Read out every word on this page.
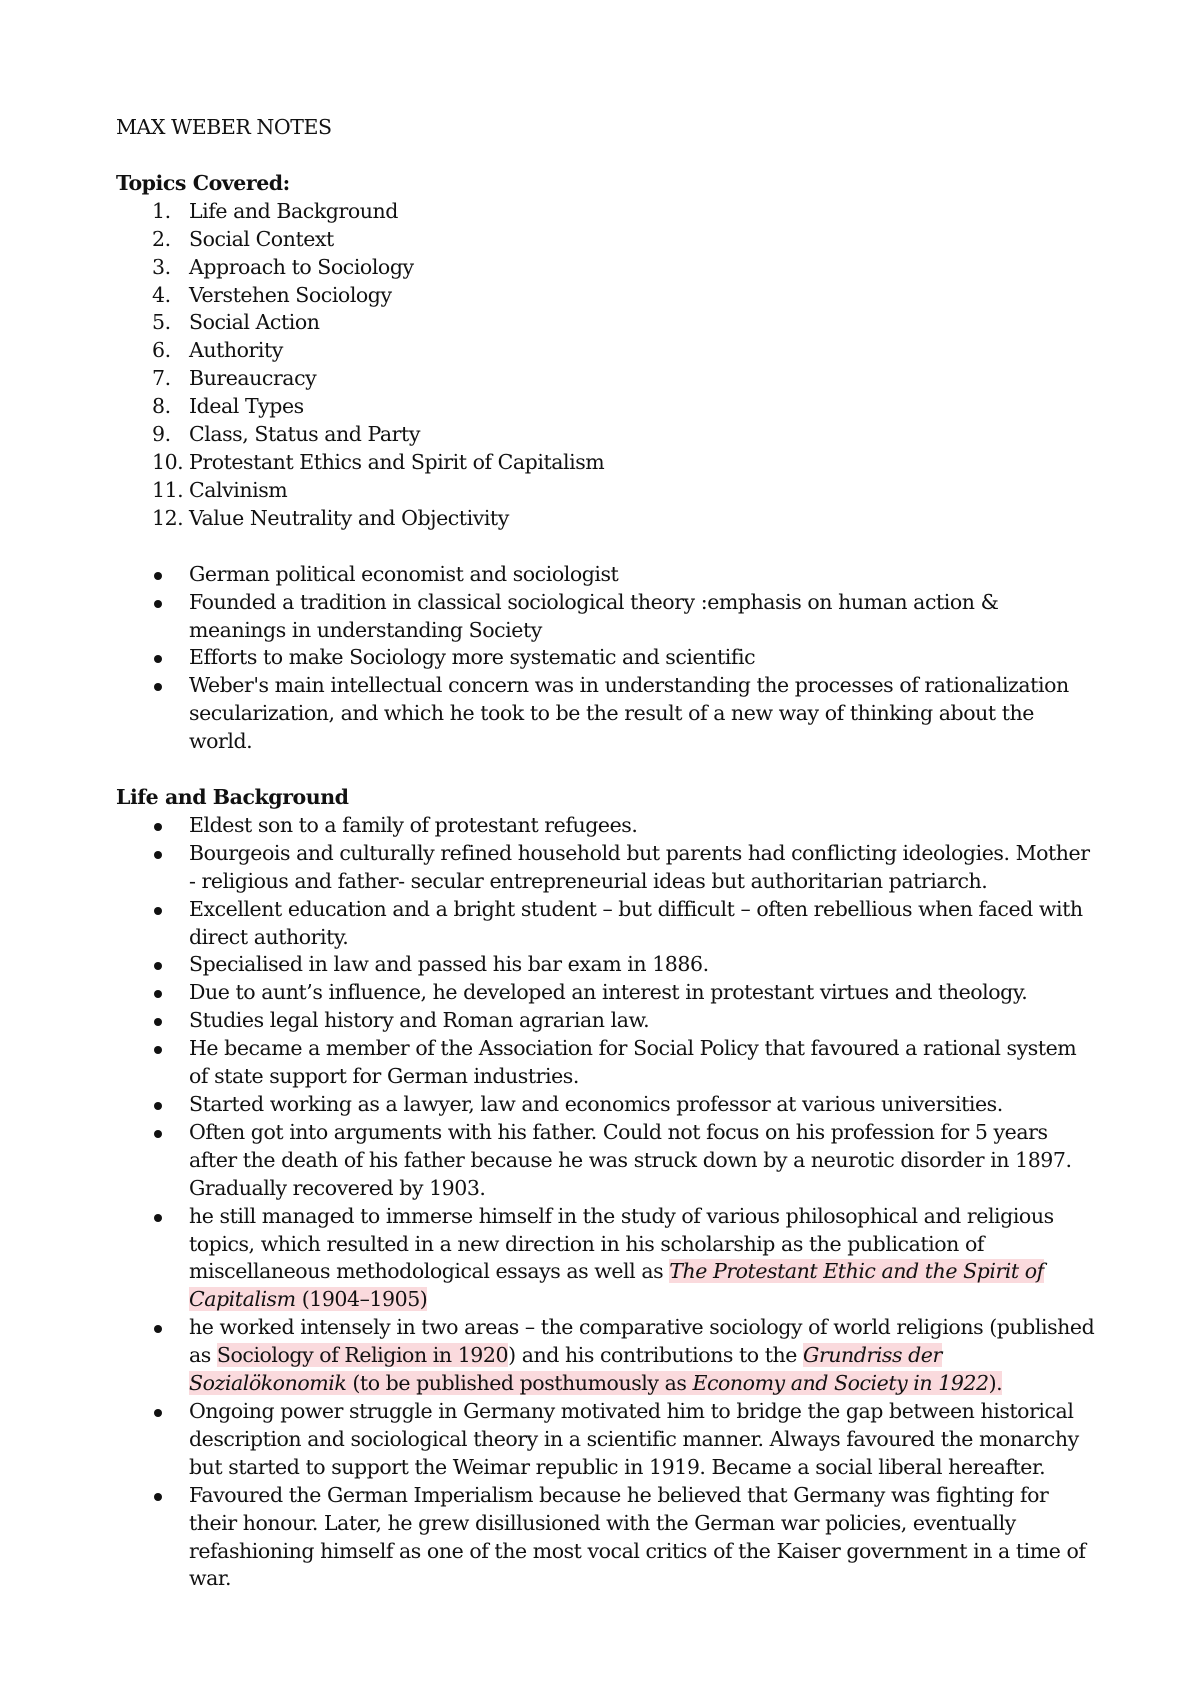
MAX WEBER NOTES

Topics Covered:
1. Life and Background
2. Social Context
3. Approach to Sociology
4. Verstehen Sociology
5. Social Action
6. Authority
7. Bureaucracy
8. Ideal Types
9. Class, Status and Party
10. Protestant Ethics and Spirit of Capitalism
11. Calvinism
12. Value Neutrality and Objectivity
German political economist and sociologist
Founded a tradition in classical sociological theory :emphasis on human action & meanings in understanding Society
Efforts to make Sociology more systematic and scientific
Weber's main intellectual concern was in understanding the processes of rationalization secularization, and which he took to be the result of a new way of thinking about the world.
Life and Background
Eldest son to a family of protestant refugees.
Bourgeois and culturally refined household but parents had conflicting ideologies. Mother - religious and father- secular entrepreneurial ideas but authoritarian patriarch.
Excellent education and a bright student – but difficult – often rebellious when faced with direct authority.
Specialised in law and passed his bar exam in 1886.
Due to aunt’s influence, he developed an interest in protestant virtues and theology.
Studies legal history and Roman agrarian law.
He became a member of the Association for Social Policy that favoured a rational system of state support for German industries.
Started working as a lawyer, law and economics professor at various universities.
Often got into arguments with his father. Could not focus on his profession for 5 years after the death of his father because he was struck down by a neurotic disorder in 1897. Gradually recovered by 1903.
he still managed to immerse himself in the study of various philosophical and religious topics, which resulted in a new direction in his scholarship as the publication of miscellaneous methodological essays as well as The Protestant Ethic and the Spirit of Capitalism (1904–1905)
he worked intensely in two areas – the comparative sociology of world religions (published as Sociology of Religion in 1920) and his contributions to the Grundriss der Sozialökonomik (to be published posthumously as Economy and Society in 1922).
Ongoing power struggle in Germany motivated him to bridge the gap between historical description and sociological theory in a scientific manner. Always favoured the monarchy but started to support the Weimar republic in 1919. Became a social liberal hereafter.
Favoured the German Imperialism because he believed that Germany was fighting for their honour. Later, he grew disillusioned with the German war policies, eventually refashioning himself as one of the most vocal critics of the Kaiser government in a time of war.
